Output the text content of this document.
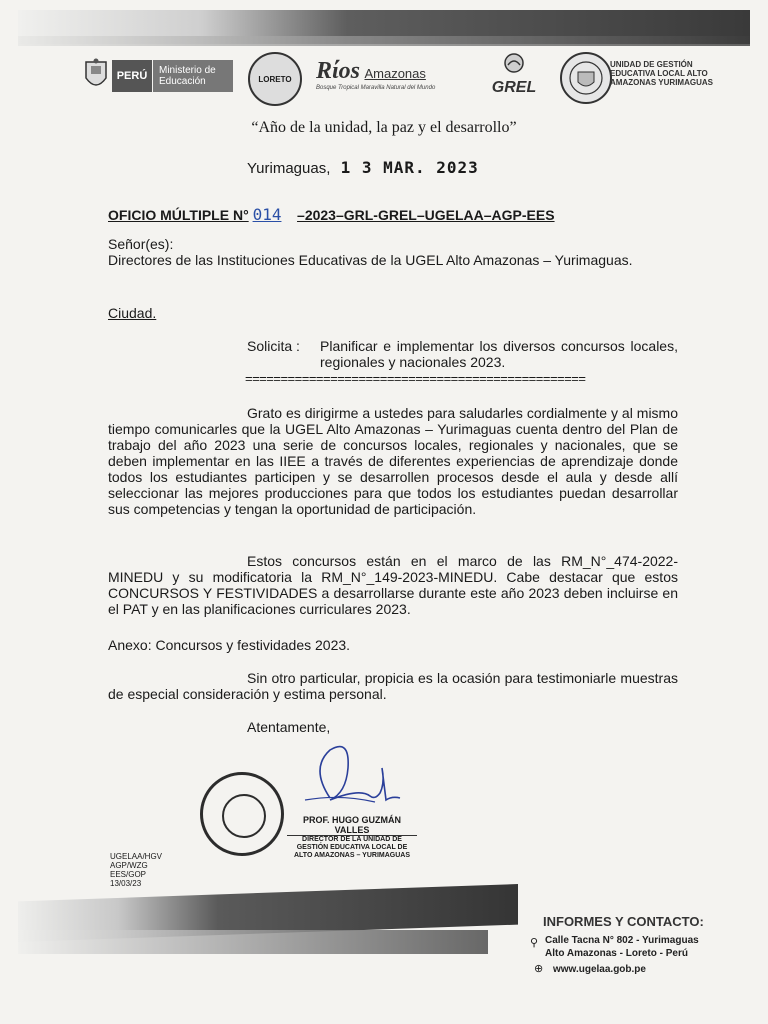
PERÚ	Ministerio de Educación	LORETO	Rίos Amazonas
Bosque Tropical Maravilla Natural del Mundo	GREL
UNIDAD DE GESTIÓN EDUCATIVA LOCAL ALTO AMAZONAS YURIMAGUAS
“Año de la unidad, la paz y el desarrollo”
Yurimaguas, 1 3 MAR. 2023
OFICIO MÚLTIPLE N° 014 –2023–GRL-GREL–UGELAA–AGP-EES
Señor(es):
Directores de las Instituciones Educativas de la UGEL Alto Amazonas – Yurimaguas.
Ciudad.
Solicita : Planificar e implementar los diversos concursos locales, regionales y nacionales 2023.
================================================
Grato es dirigirme a ustedes para saludarles cordialmente y al mismo tiempo comunicarles que la UGEL Alto Amazonas – Yurimaguas cuenta dentro del Plan de trabajo del año 2023 una serie de concursos locales, regionales y nacionales, que se deben implementar en las IIEE a través de diferentes experiencias de aprendizaje donde todos los estudiantes participen y se desarrollen procesos desde el aula y desde allí seleccionar las mejores producciones para que todos los estudiantes puedan desarrollar sus competencias y tengan la oportunidad de participación.
Estos concursos están en el marco de las RM_N°_474-2022-MINEDU y su modificatoria la RM_N°_149-2023-MINEDU. Cabe destacar que estos CONCURSOS Y FESTIVIDADES a desarrollarse durante este año 2023 deben incluirse en el PAT y en las planificaciones curriculares 2023.
Anexo: Concursos y festividades 2023.
Sin otro particular, propicia es la ocasión para testimoniarle muestras de especial consideración y estima personal.
Atentamente,
PROF. HUGO GUZMÁN VALLES
DIRECTOR DE LA UNIDAD DE GESTIÓN EDUCATIVA LOCAL DE ALTO AMAZONAS – YURIMAGUAS
UGELAA/HGV
AGP/WZG
EES/GOP
13/03/23
INFORMES Y CONTACTO:
⚲ Calle Tacna N° 802 - Yurimaguas
Alto Amazonas - Loreto - Perú
⊕ www.ugelaa.gob.pe
